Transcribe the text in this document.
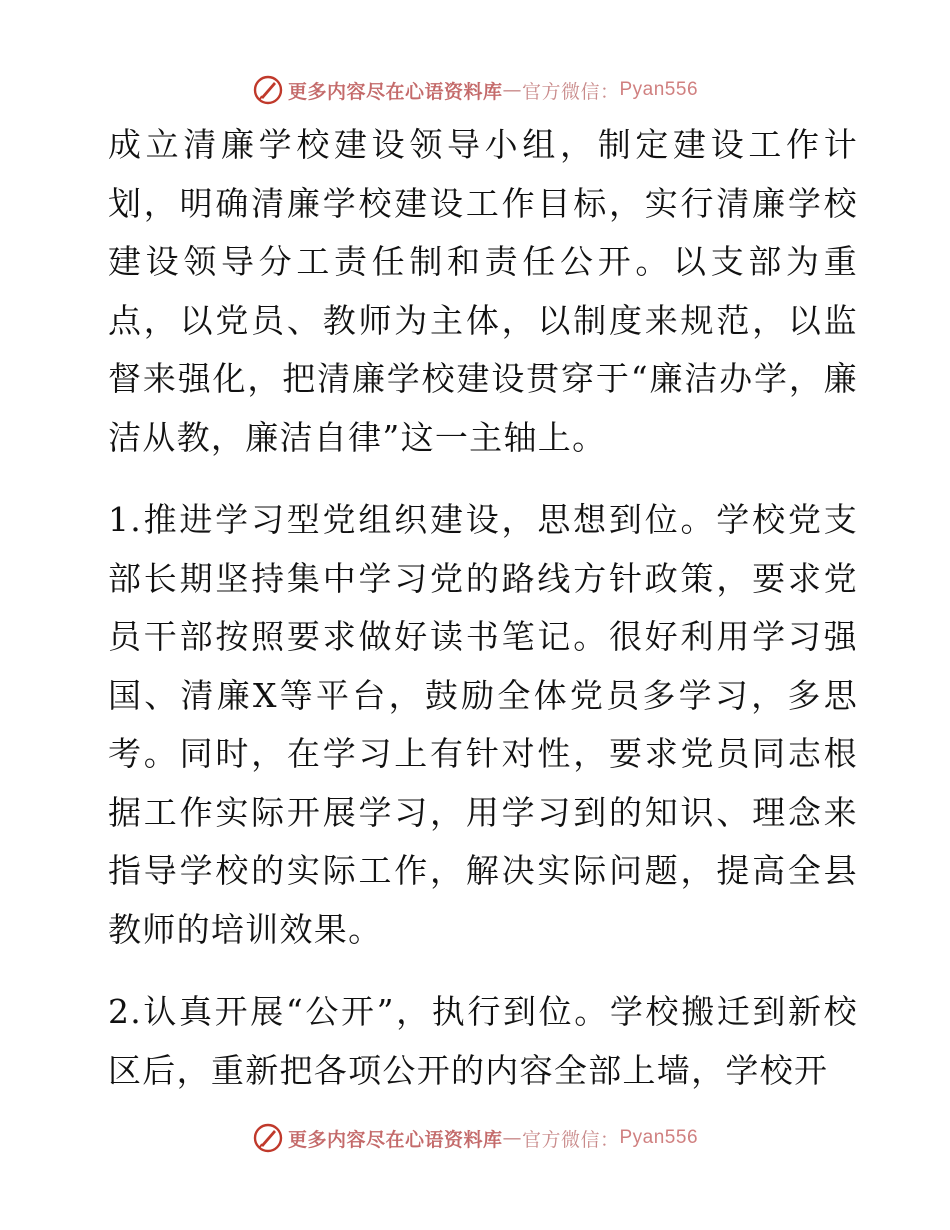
更多内容尽在心语资料库 — 官方微信： Pyan556

成立清廉学校建设领导小组，制定建设工作计划，明确清廉学校建设工作目标，实行清廉学校建设领导分工责任制和责任公开。以支部为重点，以党员、教师为主体，以制度来规范，以监督来强化，把清廉学校建设贯穿于“廉洁办学，廉洁从教，廉洁自律”这一主轴上。

1.推进学习型党组织建设，思想到位。学校党支部长期坚持集中学习党的路线方针政策，要求党员干部按照要求做好读书笔记。很好利用学习强国、清廉X等平台，鼓励全体党员多学习，多思考。同时，在学习上有针对性，要求党员同志根据工作实际开展学习，用学习到的知识、理念来指导学校的实际工作，解决实际问题，提高全县教师的培训效果。

2.认真开展“公开”，执行到位。学校搬迁到新校区后，重新把各项公开的内容全部上墙，学校开

更多内容尽在心语资料库 — 官方微信： Pyan556
